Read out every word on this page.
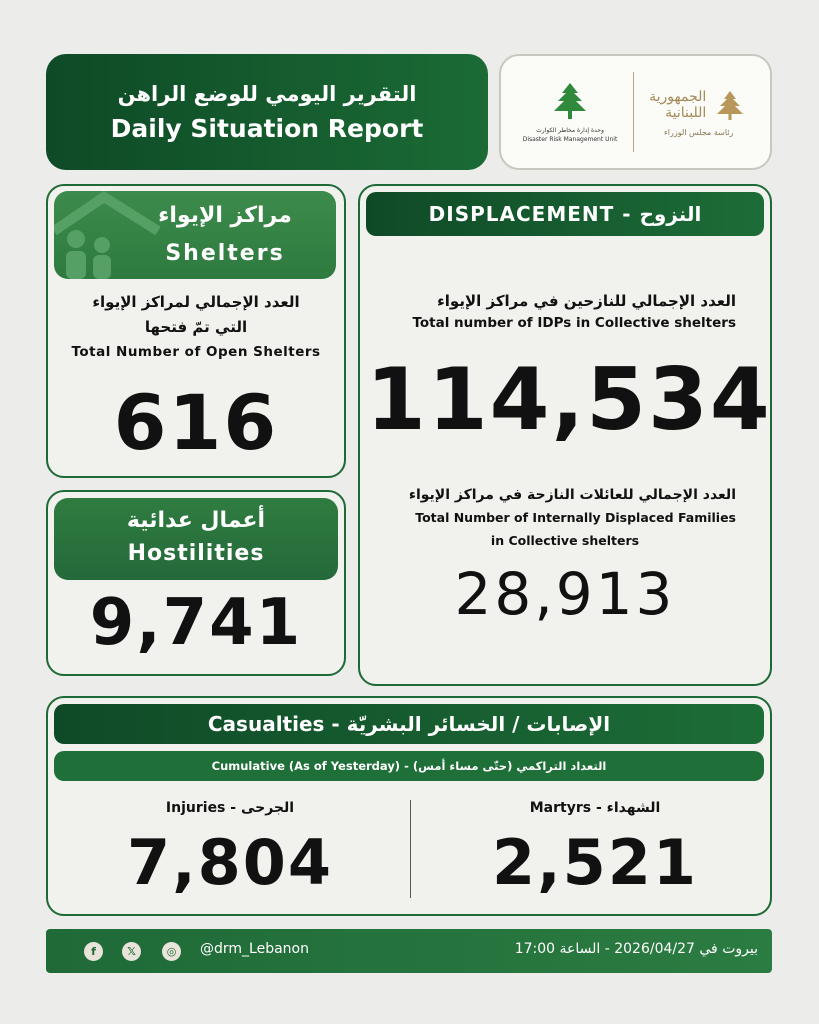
التقرير اليومي للوضع الراهن
Daily Situation Report	وحدة إدارة مخاطر الكوارث
Disaster Risk Management Unit
الجمهورية
اللبنانية
رئاسة مجلس الوزراء
مراكز الإيواء
Shelters
العدد الإجمالي لمراكز الإيواء
التي تمّ فتحها
Total Number of Open Shelters
616
أعمال عدائية
Hostilities
9,741
DISPLACEMENT - النزوح
العدد الإجمالي للنازحين في مراكز الإيواء
Total number of IDPs in Collective shelters
114,534
العدد الإجمالي للعائلات النازحة في مراكز الإيواء
Total Number of Internally Displaced Families
in Collective shelters
28,913
Casualties - الإصابات / الخسائر البشريّة
Cumulative (As of Yesterday) - (التعداد التراكمي (حتّى مساء أمس
Injuries - الجرحى
7,804
Martyrs - الشهداء
2,521
f	𝕏	◎	@drm_Lebanon	بيروت في 2026/04/27 - الساعة 17:00
